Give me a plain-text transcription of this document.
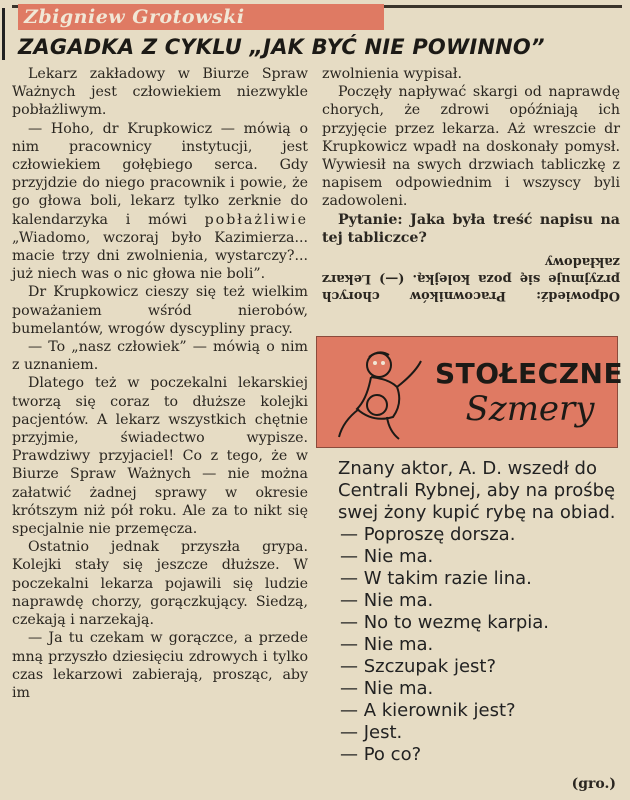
Zbigniew Grotowski
ZAGADKA Z CYKLU „JAK BYĆ NIE POWINNO”

Lekarz zakładowy w Biurze Spraw Ważnych jest człowiekiem niezwykle pobłażliwym.

— Hoho, dr Krupkowicz — mówią o nim pracownicy instytucji, jest człowiekiem gołębiego serca. Gdy przyjdzie do niego pracownik i powie, że go głowa boli, lekarz tylko zerknie do kalendarzyka i mówi pobłażliwie „Wiadomo, wczoraj było Kazimierza... macie trzy dni zwolnienia, wystarczy?... już niech was o nic głowa nie boli”.

Dr Krupkowicz cieszy się też wielkim poważaniem wśród nierobów, bumelantów, wrogów dyscypliny pracy.

— To „nasz człowiek” — mówią o nim z uznaniem.

Dlatego też w poczekalni lekarskiej tworzą się coraz to dłuższe kolejki pacjentów. A lekarz wszystkich chętnie przyjmie, świadectwo wypisze. Prawdziwy przyjaciel! Co z tego, że w Biurze Spraw Ważnych — nie można załatwić żadnej sprawy w okresie krótszym niż pół roku. Ale za to nikt się specjalnie nie przemęcza.

Ostatnio jednak przyszła grypa. Kolejki stały się jeszcze dłuższe. W poczekalni lekarza pojawili się ludzie naprawdę chorzy, gorączkujący. Siedzą, czekają i narzekają.

— Ja tu czekam w gorączce, a przede mną przyszło dziesięciu zdrowych i tylko czas lekarzowi zabierają, prosząc, aby im

zwolnienia wypisał.

Poczęły napływać skargi od naprawdę chorych, że zdrowi opóźniają ich przyjęcie przez lekarza. Aż wreszcie dr Krupkowicz wpadł na doskonały pomysł. Wywiesił na swych drzwiach tabliczkę z napisem odpowiednim i wszyscy byli zadowoleni.

Pytanie: Jaka była treść napisu na tej tabliczce?

Odpowiedź: Pracowników chorych przyjmuje się poza kolejką. (—) Lekarz zakładowy

STOŁECZNE
Szmery

Znany aktor, A. D. wszedł do Centrali Rybnej, aby na prośbę swej żony kupić rybę na obiad.

— Poproszę dorsza.

— Nie ma.

— W takim razie lina.

— Nie ma.

— No to wezmę karpia.

— Nie ma.

— Szczupak jest?

— Nie ma.

— A kierownik jest?

— Jest.

— Po co?

(gro.)
